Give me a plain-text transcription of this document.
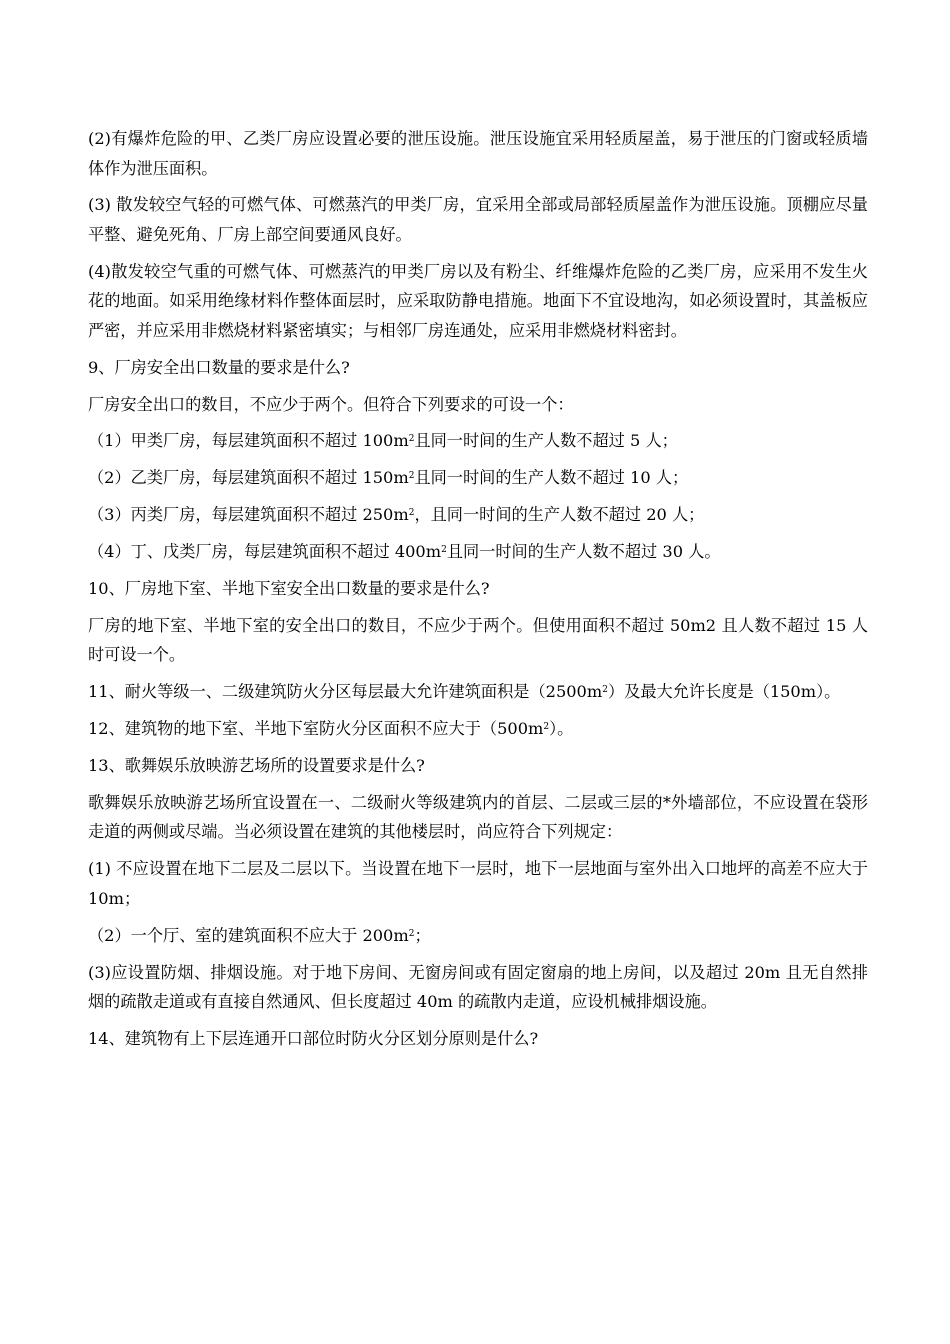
(2)有爆炸危险的甲、乙类厂房应设置必要的泄压设施。泄压设施宜采用轻质屋盖，易于泄压的门窗或轻质墙体作为泄压面积。

(3) 散发较空气轻的可燃气体、可燃蒸汽的甲类厂房，宜采用全部或局部轻质屋盖作为泄压设施。顶棚应尽量平整、避免死角、厂房上部空间要通风良好。

(4)散发较空气重的可燃气体、可燃蒸汽的甲类厂房以及有粉尘、纤维爆炸危险的乙类厂房，应采用不发生火花的地面。如采用绝缘材料作整体面层时，应采取防静电措施。地面下不宜设地沟，如必须设置时，其盖板应严密，并应采用非燃烧材料紧密填实；与相邻厂房连通处，应采用非燃烧材料密封。

9、厂房安全出口数量的要求是什么?

厂房安全出口的数目，不应少于两个。但符合下列要求的可设一个：

（1）甲类厂房，每层建筑面积不超过 $100m^2$且同一时间的生产人数不超过 5 人；

（2）乙类厂房，每层建筑面积不超过 $150m^2$且同一时间的生产人数不超过 10 人；

（3）丙类厂房，每层建筑面积不超过 $250m^2$，且同一时间的生产人数不超过 20 人；

（4）丁、戊类厂房，每层建筑面积不超过 $400m^2$且同一时间的生产人数不超过 30 人。

10、厂房地下室、半地下室安全出口数量的要求是什么?

厂房的地下室、半地下室的安全出口的数目，不应少于两个。但使用面积不超过 50m2 且人数不超过 15 人时可设一个。

11、耐火等级一、二级建筑防火分区每层最大允许建筑面积是$(2500m^2)$及最大允许长度是（150m）。

12、建筑物的地下室、半地下室防火分区面积不应大于$(500m^2)$。

13、歌舞娱乐放映游艺场所的设置要求是什么?

歌舞娱乐放映游艺场所宜设置在一、二级耐火等级建筑内的首层、二层或三层的*外墙部位，不应设置在袋形走道的两侧或尽端。当必须设置在建筑的其他楼层时，尚应符合下列规定：

(1) 不应设置在地下二层及二层以下。当设置在地下一层时，地下一层地面与室外出入口地坪的高差不应大于 10m；

（2）一个厅、室的建筑面积不应大于 $200m^2$；

(3)应设置防烟、排烟设施。对于地下房间、无窗房间或有固定窗扇的地上房间，以及超过 20m 且无自然排烟的疏散走道或有直接自然通风、但长度超过 40m 的疏散内走道，应设机械排烟设施。

14、建筑物有上下层连通开口部位时防火分区划分原则是什么?
